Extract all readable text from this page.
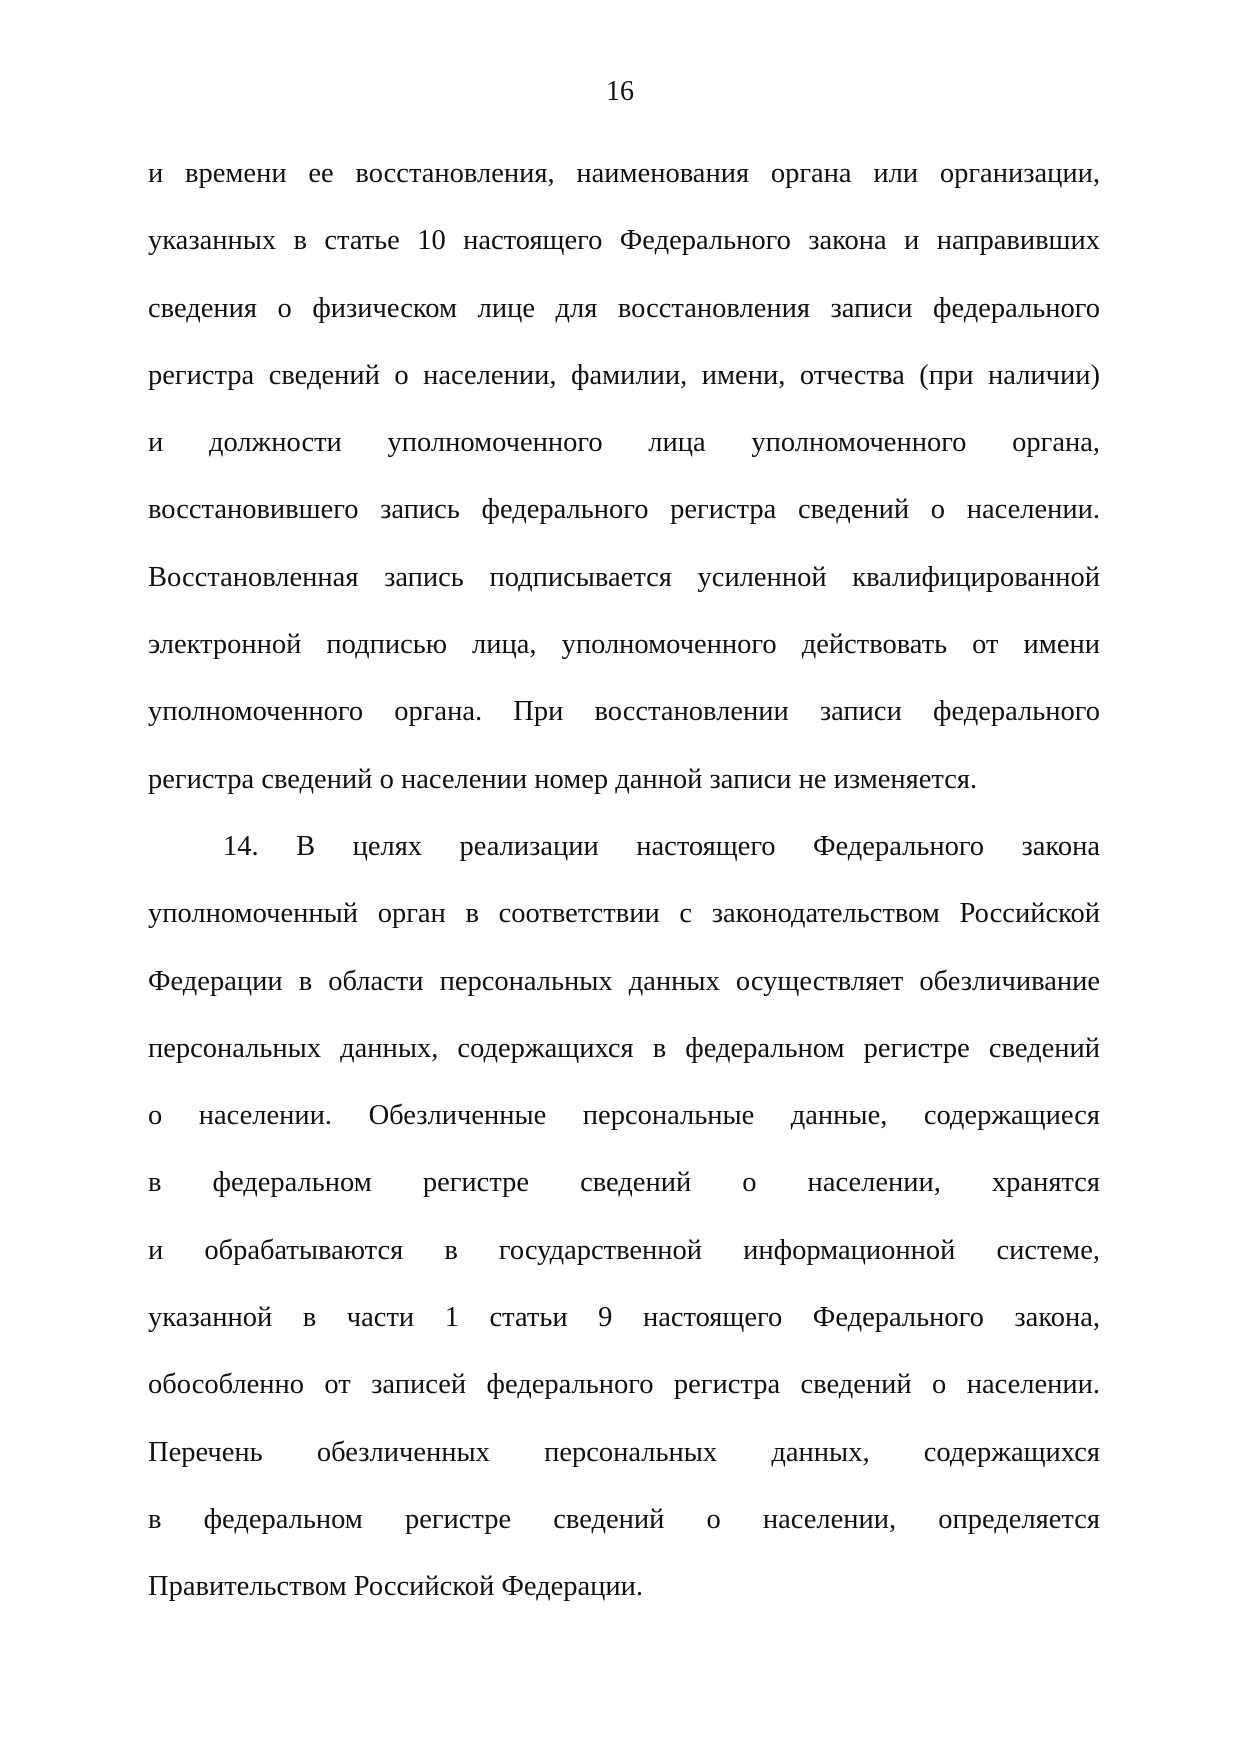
16
и времени ее восстановления, наименования органа или организации,
указанных в статье 10 настоящего Федерального закона и направивших
сведения о физическом лице для восстановления записи федерального
регистра сведений о населении, фамилии, имени, отчества (при наличии)
и должности уполномоченного лица уполномоченного органа,
восстановившего запись федерального регистра сведений о населении.
Восстановленная запись подписывается усиленной квалифицированной
электронной подписью лица, уполномоченного действовать от имени
уполномоченного органа. При восстановлении записи федерального
регистра сведений о населении номер данной записи не изменяется.
14. В целях реализации настоящего Федерального закона
уполномоченный орган в соответствии с законодательством Российской
Федерации в области персональных данных осуществляет обезличивание
персональных данных, содержащихся в федеральном регистре сведений
о населении. Обезличенные персональные данные, содержащиеся
в федеральном регистре сведений о населении, хранятся
и обрабатываются в государственной информационной системе,
указанной в части 1 статьи 9 настоящего Федерального закона,
обособленно от записей федерального регистра сведений о населении.
Перечень обезличенных персональных данных, содержащихся
в федеральном регистре сведений о населении, определяется
Правительством Российской Федерации.
